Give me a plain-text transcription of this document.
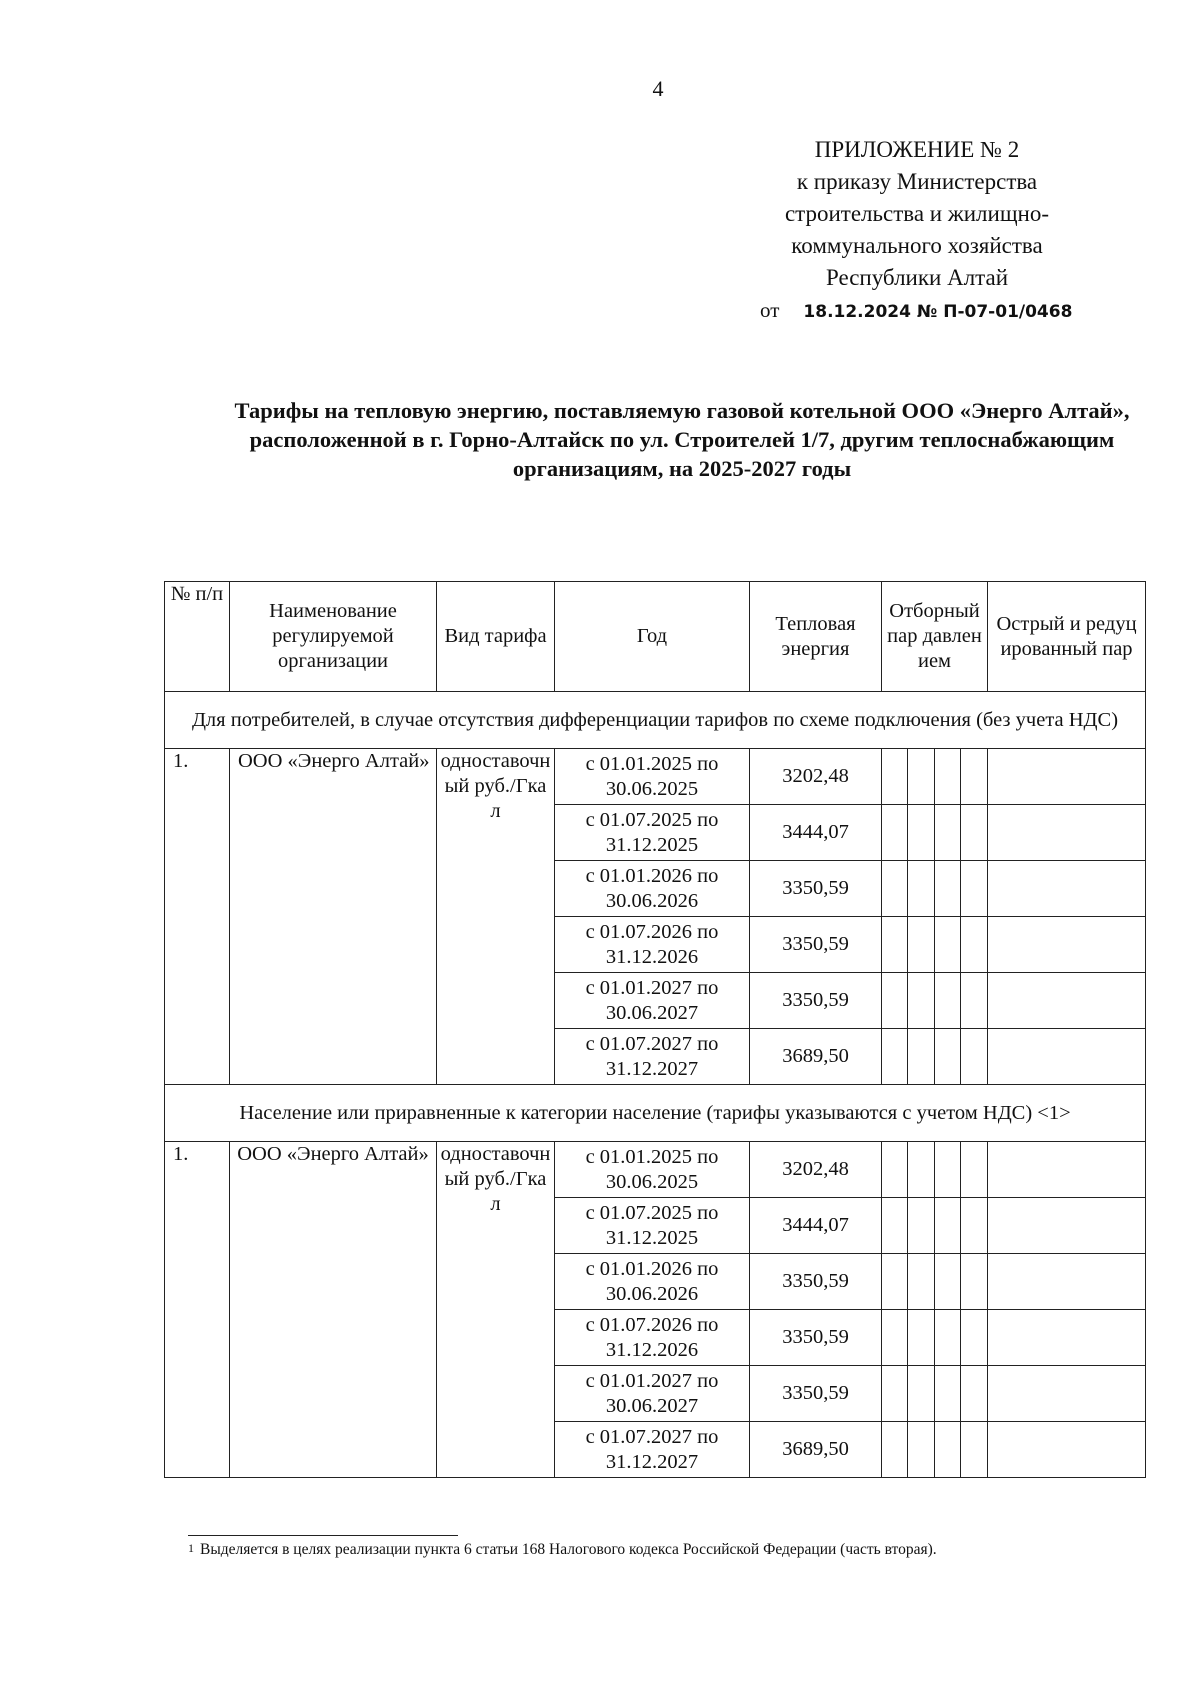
4
ПРИЛОЖЕНИЕ № 2
к приказу Министерства
строительства и жилищно-
коммунального хозяйства
Республики Алтай
от 18.12.2024 № П-07-01/0468
Тарифы на тепловую энергию, поставляемую газовой котельной ООО «Энерго Алтай», расположенной в г. Горно-Алтайск по ул. Строителей 1/7, другим теплоснабжающим организациям, на 2025-2027 годы
№ п/п	Наименование регулируемой организации	Вид тарифа	Год	Тепловая энергия	Отборный пар давлением				Острый и редуцированный пар
Для потребителей, в случае отсутствия дифференциации тарифов по схеме подключения (без учета НДС)									
1.	ООО «Энерго Алтай»	одноставочный руб./Гкал	с 01.01.2025 по 30.06.2025	3202,48					
			с 01.07.2025 по 31.12.2025	3444,07					
			с 01.01.2026 по 30.06.2026	3350,59					
			с 01.07.2026 по 31.12.2026	3350,59					
			с 01.01.2027 по 30.06.2027	3350,59					
			с 01.07.2027 по 31.12.2027	3689,50					
Население или приравненные к категории население (тарифы указываются с учетом НДС) <1>									
1.	ООО «Энерго Алтай»	одноставочный руб./Гкал	с 01.01.2025 по 30.06.2025	3202,48					
			с 01.07.2025 по 31.12.2025	3444,07					
			с 01.01.2026 по 30.06.2026	3350,59					
			с 01.07.2026 по 31.12.2026	3350,59					
			с 01.01.2027 по 30.06.2027	3350,59					
			с 01.07.2027 по 31.12.2027	3689,50					
$^1$ Выделяется в целях реализации пункта 6 статьи 168 Налогового кодекса Российской Федерации (часть вторая).
